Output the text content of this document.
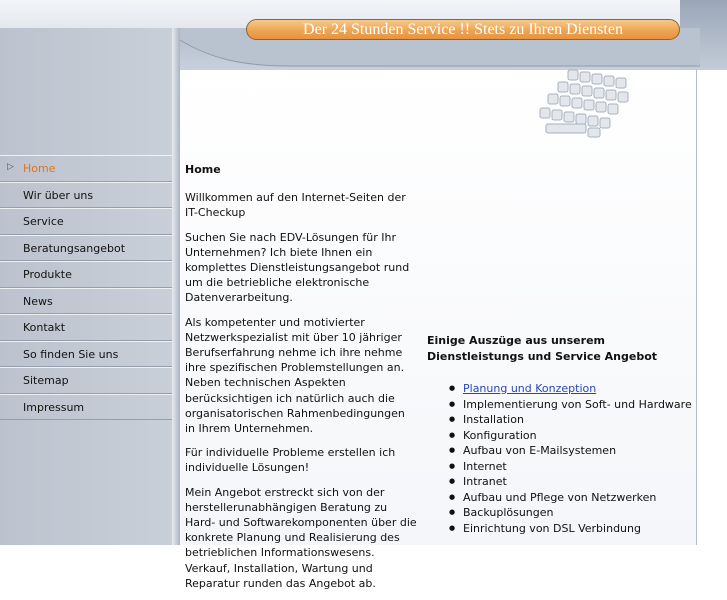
Der 24 Stunden Service !! Stets zu Ihren Diensten
▷ Home
Wir über uns
Service
Beratungsangebot
Produkte
News
Kontakt
So finden Sie uns
Sitemap
Impressum
Home

Willkommen auf den Internet-Seiten der IT-Checkup

Suchen Sie nach EDV-Lösungen für Ihr Unternehmen? Ich biete Ihnen ein komplettes Dienstleistungsangebot rund um die betriebliche elektronische Datenverarbeitung.

Als kompetenter und motivierter Netzwerkspezialist mit über 10 jähriger Berufserfahrung nehme ich ihre nehme ihre spezifischen Problemstellungen an. Neben technischen Aspekten berücksichtigen ich natürlich auch die organisatorischen Rahmenbedingungen in Ihrem Unternehmen.

Für individuelle Probleme erstellen ich individuelle Lösungen!

Mein Angebot erstreckt sich von der herstellerunabhängigen Beratung zu Hard- und Softwarekomponenten über die konkrete Planung und Realisierung des betrieblichen Informationswesens. Verkauf, Installation, Wartung und Reparatur runden das Angebot ab.

Einige Auszüge aus unserem Dienstleistungs und Service Angebot
● Planung und Konzeption
● Implementierung von Soft- und Hardware
● Installation
● Konfiguration
● Aufbau von E-Mailsystemen
● Internet
● Intranet
● Aufbau und Pflege von Netzwerken
● Backuplösungen
● Einrichtung von DSL Verbindung
